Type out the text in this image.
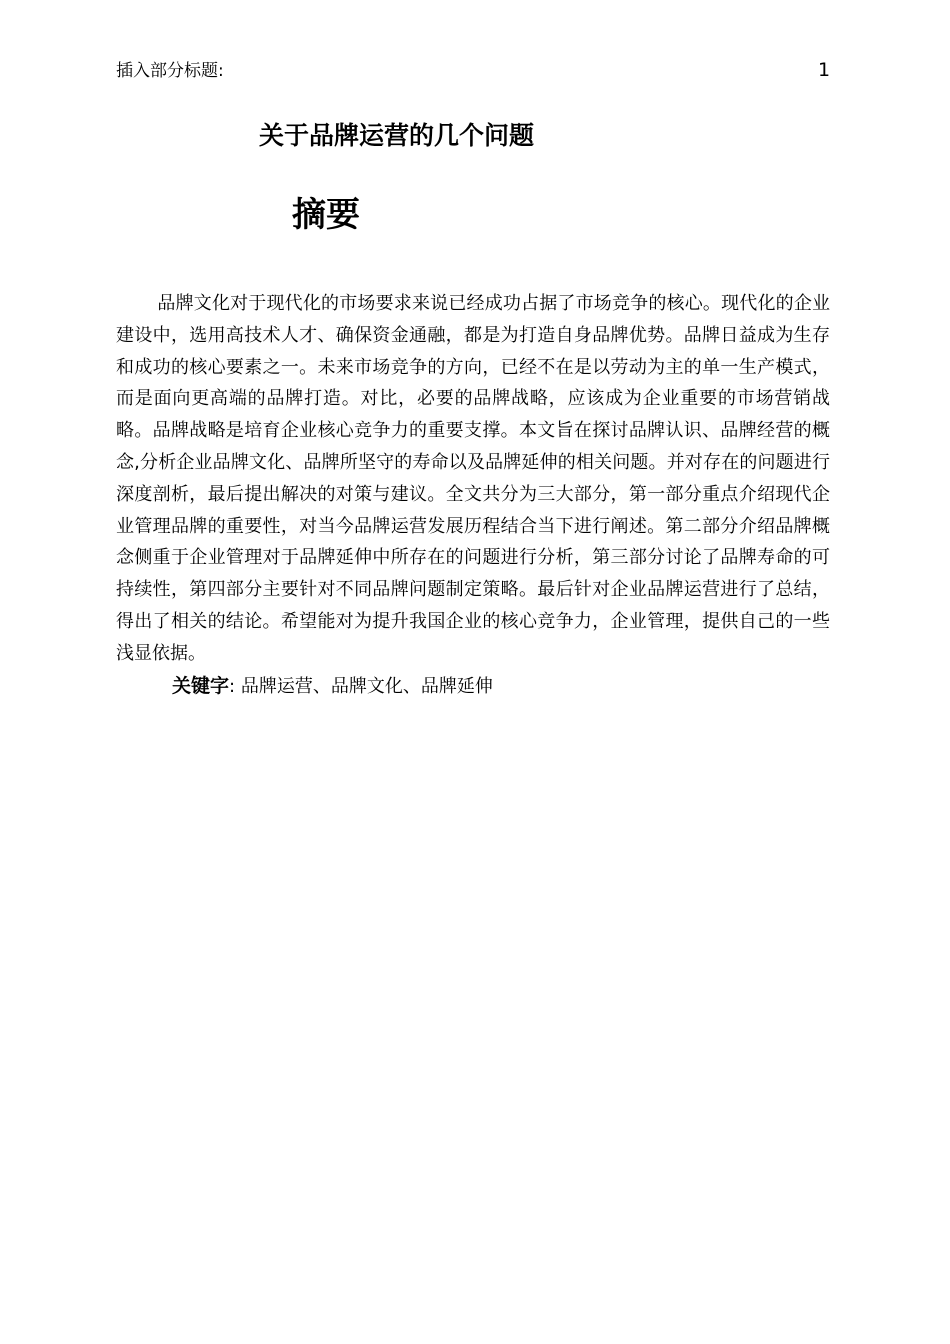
插入部分标题:	1
关于品牌运营的几个问题
摘要

品牌文化对于现代化的市场要求来说已经成功占据了市场竞争的核心。现代化的企业建设中，选用高技术人才、确保资金通融，都是为打造自身品牌优势。品牌日益成为生存和成功的核心要素之一。未来市场竞争的方向，已经不在是以劳动为主的单一生产模式，而是面向更高端的品牌打造。对比，必要的品牌战略，应该成为企业重要的市场营销战略。品牌战略是培育企业核心竞争力的重要支撑。本文旨在探讨品牌认识、品牌经营的概念,分析企业品牌文化、品牌所坚守的寿命以及品牌延伸的相关问题。并对存在的问题进行深度剖析，最后提出解决的对策与建议。全文共分为三大部分，第一部分重点介绍现代企业管理品牌的重要性，对当今品牌运营发展历程结合当下进行阐述。第二部分介绍品牌概念侧重于企业管理对于品牌延伸中所存在的问题进行分析，第三部分讨论了品牌寿命的可持续性，第四部分主要针对不同品牌问题制定策略。最后针对企业品牌运营进行了总结，得出了相关的结论。希望能对为提升我国企业的核心竞争力，企业管理，提供自己的一些浅显依据。

关键字: 品牌运营、品牌文化、品牌延伸
